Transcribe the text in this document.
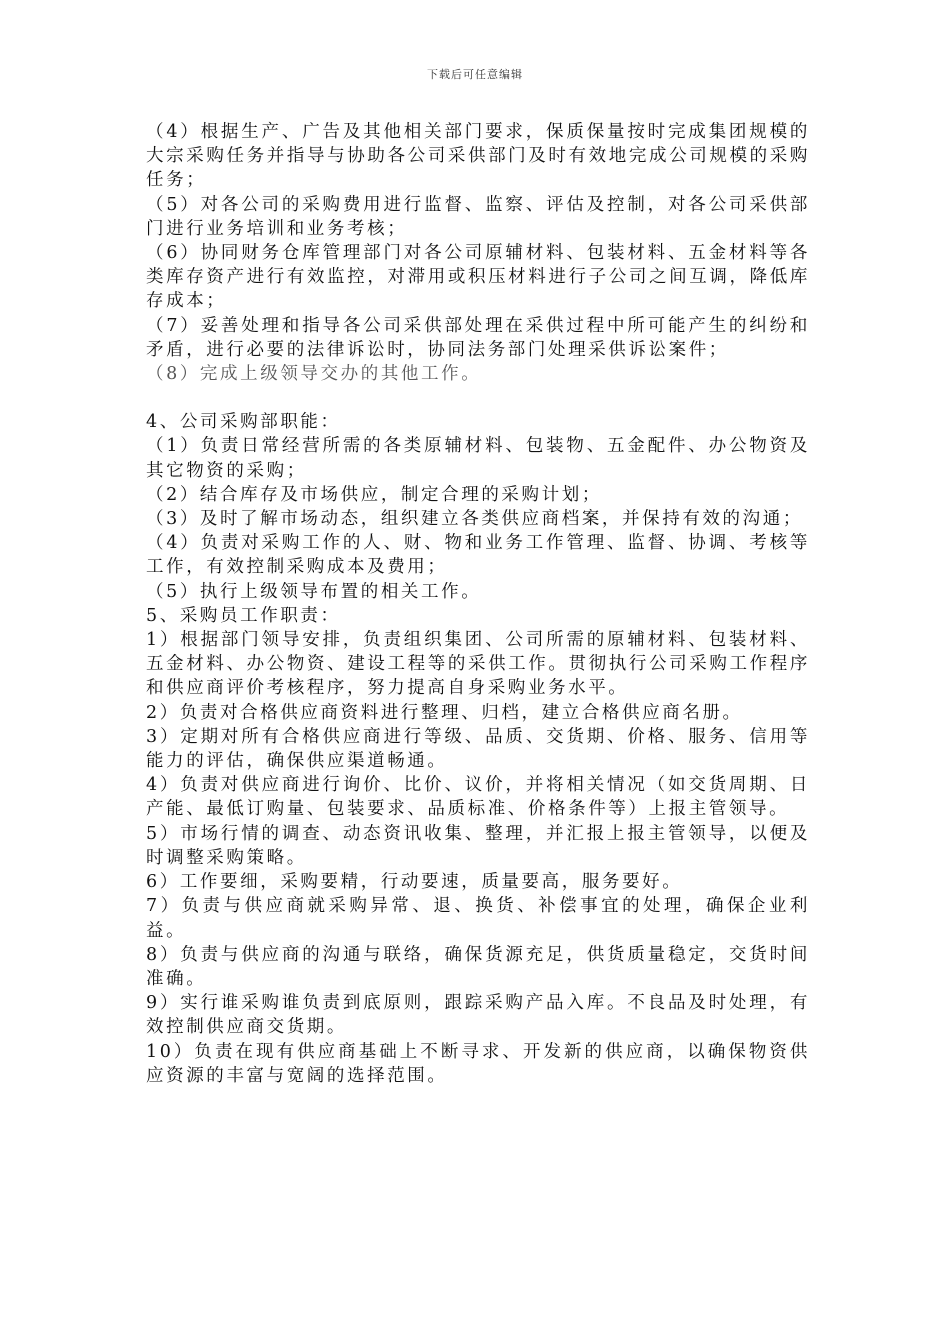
下载后可任意编辑

（4）根据生产、广告及其他相关部门要求，保质保量按时完成集团规模的大宗采购任务并指导与协助各公司采供部门及时有效地完成公司规模的采购任务；

（5）对各公司的采购费用进行监督、监察、评估及控制，对各公司采供部门进行业务培训和业务考核；

（6）协同财务仓库管理部门对各公司原辅材料、包装材料、五金材料等各类库存资产进行有效监控，对滞用或积压材料进行子公司之间互调，降低库存成本；

（7）妥善处理和指导各公司采供部处理在采供过程中所可能产生的纠纷和矛盾，进行必要的法律诉讼时，协同法务部门处理采供诉讼案件；

（8）完成上级领导交办的其他工作。

4、公司采购部职能：

（1）负责日常经营所需的各类原辅材料、包装物、五金配件、办公物资及其它物资的采购；

（2）结合库存及市场供应，制定合理的采购计划；

（3）及时了解市场动态，组织建立各类供应商档案，并保持有效的沟通；

（4）负责对采购工作的人、财、物和业务工作管理、监督、协调、考核等工作，有效控制采购成本及费用；

（5）执行上级领导布置的相关工作。

5、采购员工作职责：

1）根据部门领导安排，负责组织集团、公司所需的原辅材料、包装材料、五金材料、办公物资、建设工程等的采供工作。贯彻执行公司采购工作程序和供应商评价考核程序，努力提高自身采购业务水平。

2）负责对合格供应商资料进行整理、归档，建立合格供应商名册。

3）定期对所有合格供应商进行等级、品质、交货期、价格、服务、信用等能力的评估，确保供应渠道畅通。

4）负责对供应商进行询价、比价、议价，并将相关情况（如交货周期、日产能、最低订购量、包装要求、品质标准、价格条件等）上报主管领导。

5）市场行情的调查、动态资讯收集、整理，并汇报上报主管领导，以便及时调整采购策略。

6）工作要细，采购要精，行动要速，质量要高，服务要好。

7）负责与供应商就采购异常、退、换货、补偿事宜的处理，确保企业利益。

8）负责与供应商的沟通与联络，确保货源充足，供货质量稳定，交货时间准确。

9）实行谁采购谁负责到底原则，跟踪采购产品入库。不良品及时处理，有效控制供应商交货期。

10）负责在现有供应商基础上不断寻求、开发新的供应商，以确保物资供应资源的丰富与宽阔的选择范围。
